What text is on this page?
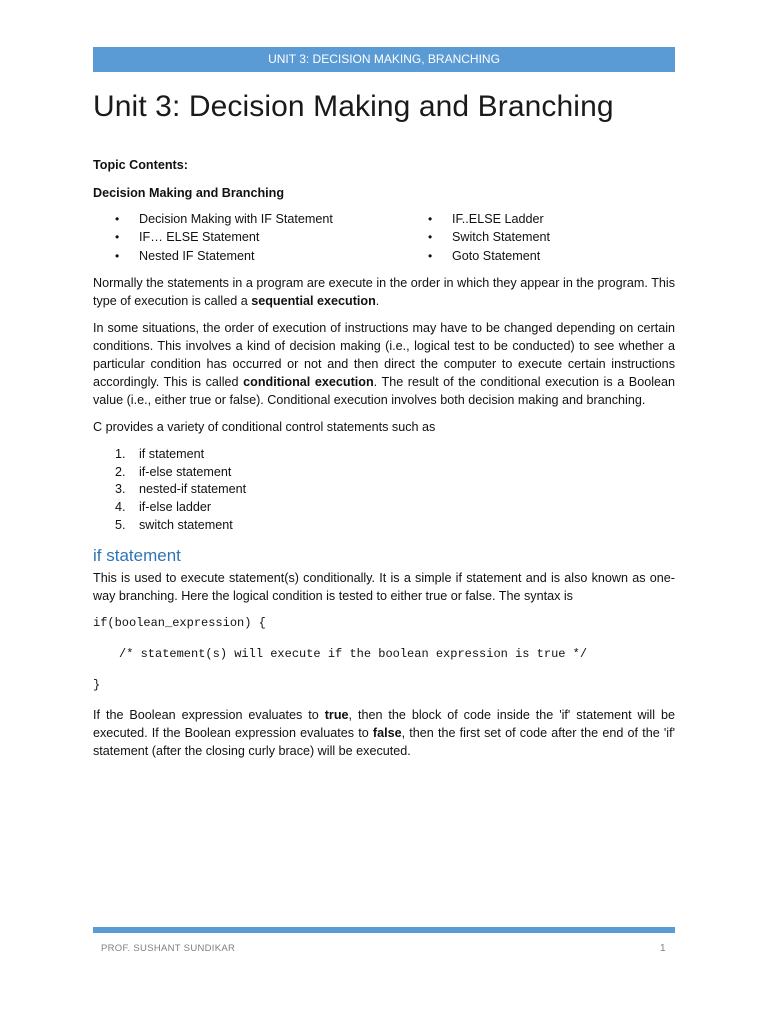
UNIT 3: DECISION MAKING, BRANCHING
Unit 3: Decision Making and Branching
Topic Contents:
Decision Making and Branching
• Decision Making with IF Statement
• IF… ELSE Statement
• Nested IF Statement
• IF..ELSE Ladder
• Switch Statement
• Goto Statement

Normally the statements in a program are execute in the order in which they appear in the program. This type of execution is called a sequential execution.

In some situations, the order of execution of instructions may have to be changed depending on certain conditions. This involves a kind of decision making (i.e., logical test to be conducted) to see whether a particular condition has occurred or not and then direct the computer to execute certain instructions accordingly. This is called conditional execution. The result of the conditional execution is a Boolean value (i.e., either true or false). Conditional execution involves both decision making and branching.

C provides a variety of conditional control statements such as

1. if statement
2. if-else statement
3. nested-if statement
4. if-else ladder
5. switch statement
if statement

This is used to execute statement(s) conditionally. It is a simple if statement and is also known as one-way branching. Here the logical condition is tested to either true or false. The syntax is

if(boolean_expression) {
/* statement(s) will execute if the boolean expression is true */
}

If the Boolean expression evaluates to true, then the block of code inside the 'if' statement will be executed. If the Boolean expression evaluates to false, then the first set of code after the end of the 'if' statement (after the closing curly brace) will be executed.

PROF. SUSHANT SUNDIKAR	1
